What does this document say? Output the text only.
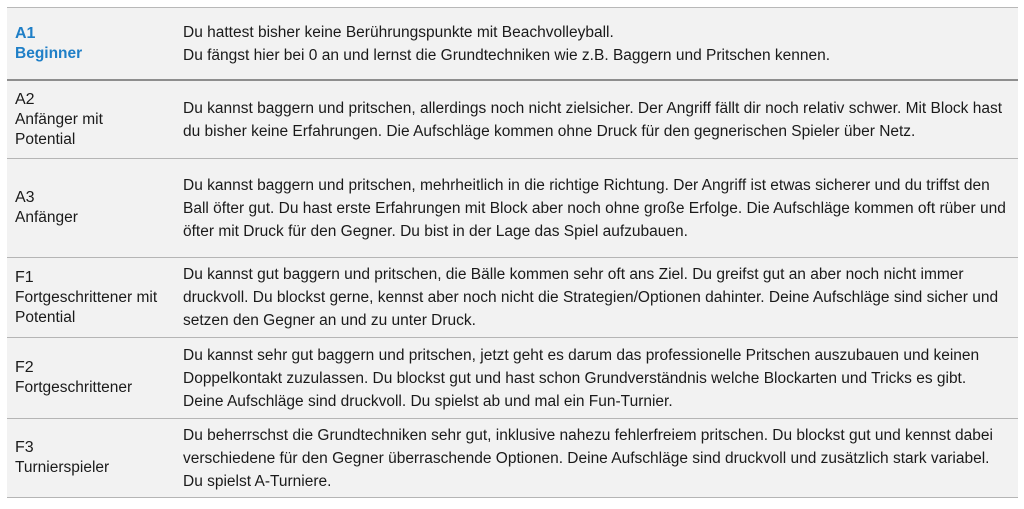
A1
Beginner

Du hattest bisher keine Berührungspunkte mit Beachvolleyball.

Du fängst hier bei 0 an und lernst die Grundtechniken wie z.B. Baggern und Pritschen kennen.

A2
Anfänger mit Potential

Du kannst baggern und pritschen, allerdings noch nicht zielsicher. Der Angriff fällt dir noch relativ schwer. Mit Block hast du bisher keine Erfahrungen. Die Aufschläge kommen ohne Druck für den gegnerischen Spieler über Netz.

A3
Anfänger

Du kannst baggern und pritschen, mehrheitlich in die richtige Richtung. Der Angriff ist etwas sicherer und du triffst den Ball öfter gut. Du hast erste Erfahrungen mit Block aber noch ohne große Erfolge. Die Aufschläge kommen oft rüber und öfter mit Druck für den Gegner. Du bist in der Lage das Spiel aufzubauen.

F1
Fortgeschrittener mit Potential

Du kannst gut baggern und pritschen, die Bälle kommen sehr oft ans Ziel. Du greifst gut an aber noch nicht immer druckvoll. Du blockst gerne, kennst aber noch nicht die Strategien/Optionen dahinter. Deine Aufschläge sind sicher und setzen den Gegner an und zu unter Druck.

F2
Fortgeschrittener

Du kannst sehr gut baggern und pritschen, jetzt geht es darum das professionelle Pritschen auszubauen und keinen Doppelkontakt zuzulassen. Du blockst gut und hast schon Grundverständnis welche Blockarten und Tricks es gibt. Deine Aufschläge sind druckvoll. Du spielst ab und mal ein Fun-Turnier.

F3
Turnierspieler

Du beherrschst die Grundtechniken sehr gut, inklusive nahezu fehlerfreiem pritschen. Du blockst gut und kennst dabei verschiedene für den Gegner überraschende Optionen. Deine Aufschläge sind druckvoll und zusätzlich stark variabel. Du spielst A-Turniere.
